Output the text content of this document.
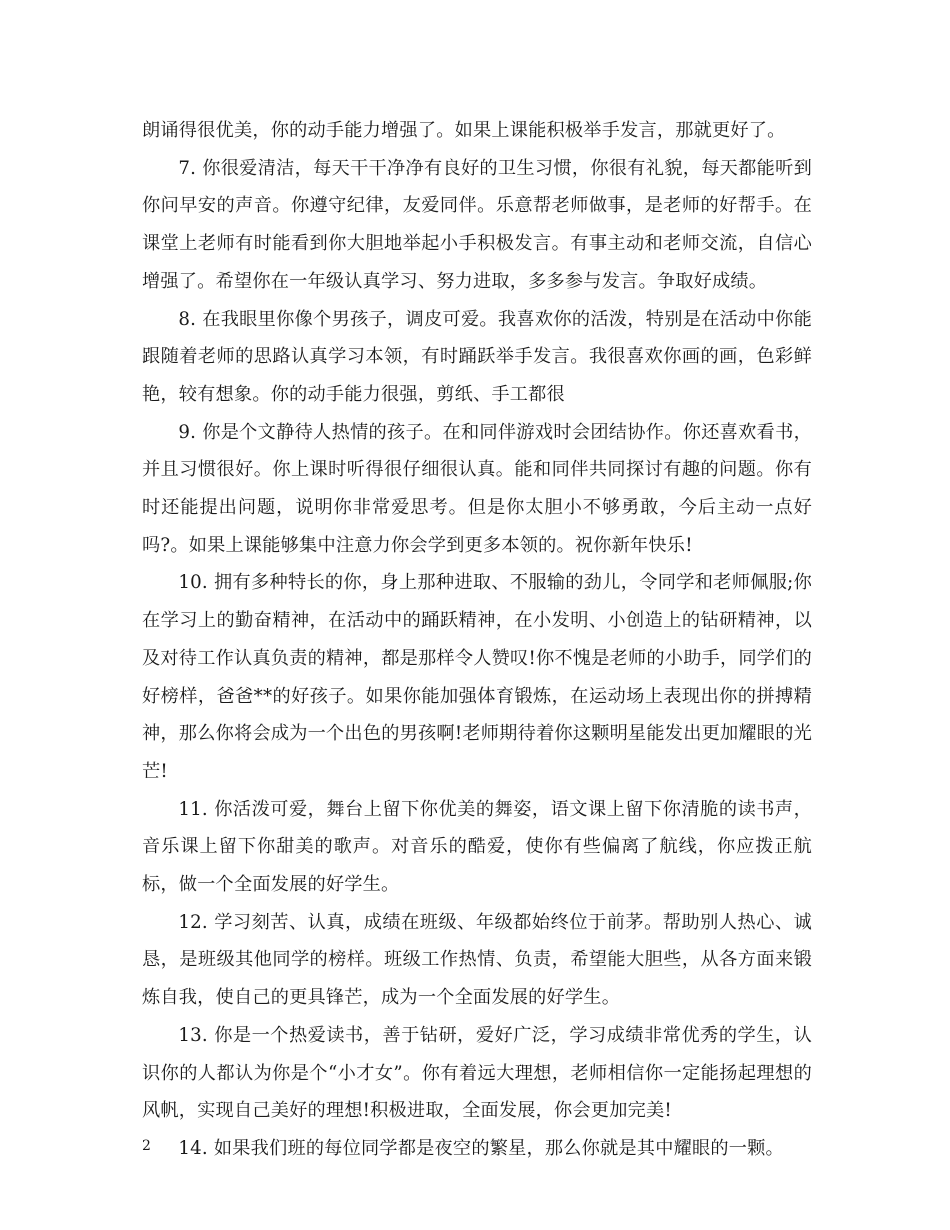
朗诵得很优美，你的动手能力增强了。如果上课能积极举手发言，那就更好了。

7. 你很爱清洁，每天干干净净有良好的卫生习惯，你很有礼貌，每天都能听到你问早安的声音。你遵守纪律，友爱同伴。乐意帮老师做事，是老师的好帮手。在课堂上老师有时能看到你大胆地举起小手积极发言。有事主动和老师交流，自信心增强了。希望你在一年级认真学习、努力进取，多多参与发言。争取好成绩。

8. 在我眼里你像个男孩子，调皮可爱。我喜欢你的活泼，特别是在活动中你能跟随着老师的思路认真学习本领，有时踊跃举手发言。我很喜欢你画的画，色彩鲜艳，较有想象。你的动手能力很强，剪纸、手工都很

9. 你是个文静待人热情的孩子。在和同伴游戏时会团结协作。你还喜欢看书，并且习惯很好。你上课时听得很仔细很认真。能和同伴共同探讨有趣的问题。你有时还能提出问题，说明你非常爱思考。但是你太胆小不够勇敢，今后主动一点好吗?。如果上课能够集中注意力你会学到更多本领的。祝你新年快乐!

10. 拥有多种特长的你，身上那种进取、不服输的劲儿，令同学和老师佩服;你在学习上的勤奋精神，在活动中的踊跃精神，在小发明、小创造上的钻研精神，以及对待工作认真负责的精神，都是那样令人赞叹!你不愧是老师的小助手，同学们的好榜样，爸爸**的好孩子。如果你能加强体育锻炼，在运动场上表现出你的拼搏精神，那么你将会成为一个出色的男孩啊!老师期待着你这颗明星能发出更加耀眼的光芒!

11. 你活泼可爱，舞台上留下你优美的舞姿，语文课上留下你清脆的读书声，音乐课上留下你甜美的歌声。对音乐的酷爱，使你有些偏离了航线，你应拨正航标，做一个全面发展的好学生。

12. 学习刻苦、认真，成绩在班级、年级都始终位于前茅。帮助别人热心、诚恳，是班级其他同学的榜样。班级工作热情、负责，希望能大胆些，从各方面来锻炼自我，使自己的更具锋芒，成为一个全面发展的好学生。

13. 你是一个热爱读书，善于钻研，爱好广泛，学习成绩非常优秀的学生，认识你的人都认为你是个“小才女”。你有着远大理想，老师相信你一定能扬起理想的风帆，实现自己美好的理想!积极进取，全面发展，你会更加完美!

14. 如果我们班的每位同学都是夜空的繁星，那么你就是其中耀眼的一颗。

2
